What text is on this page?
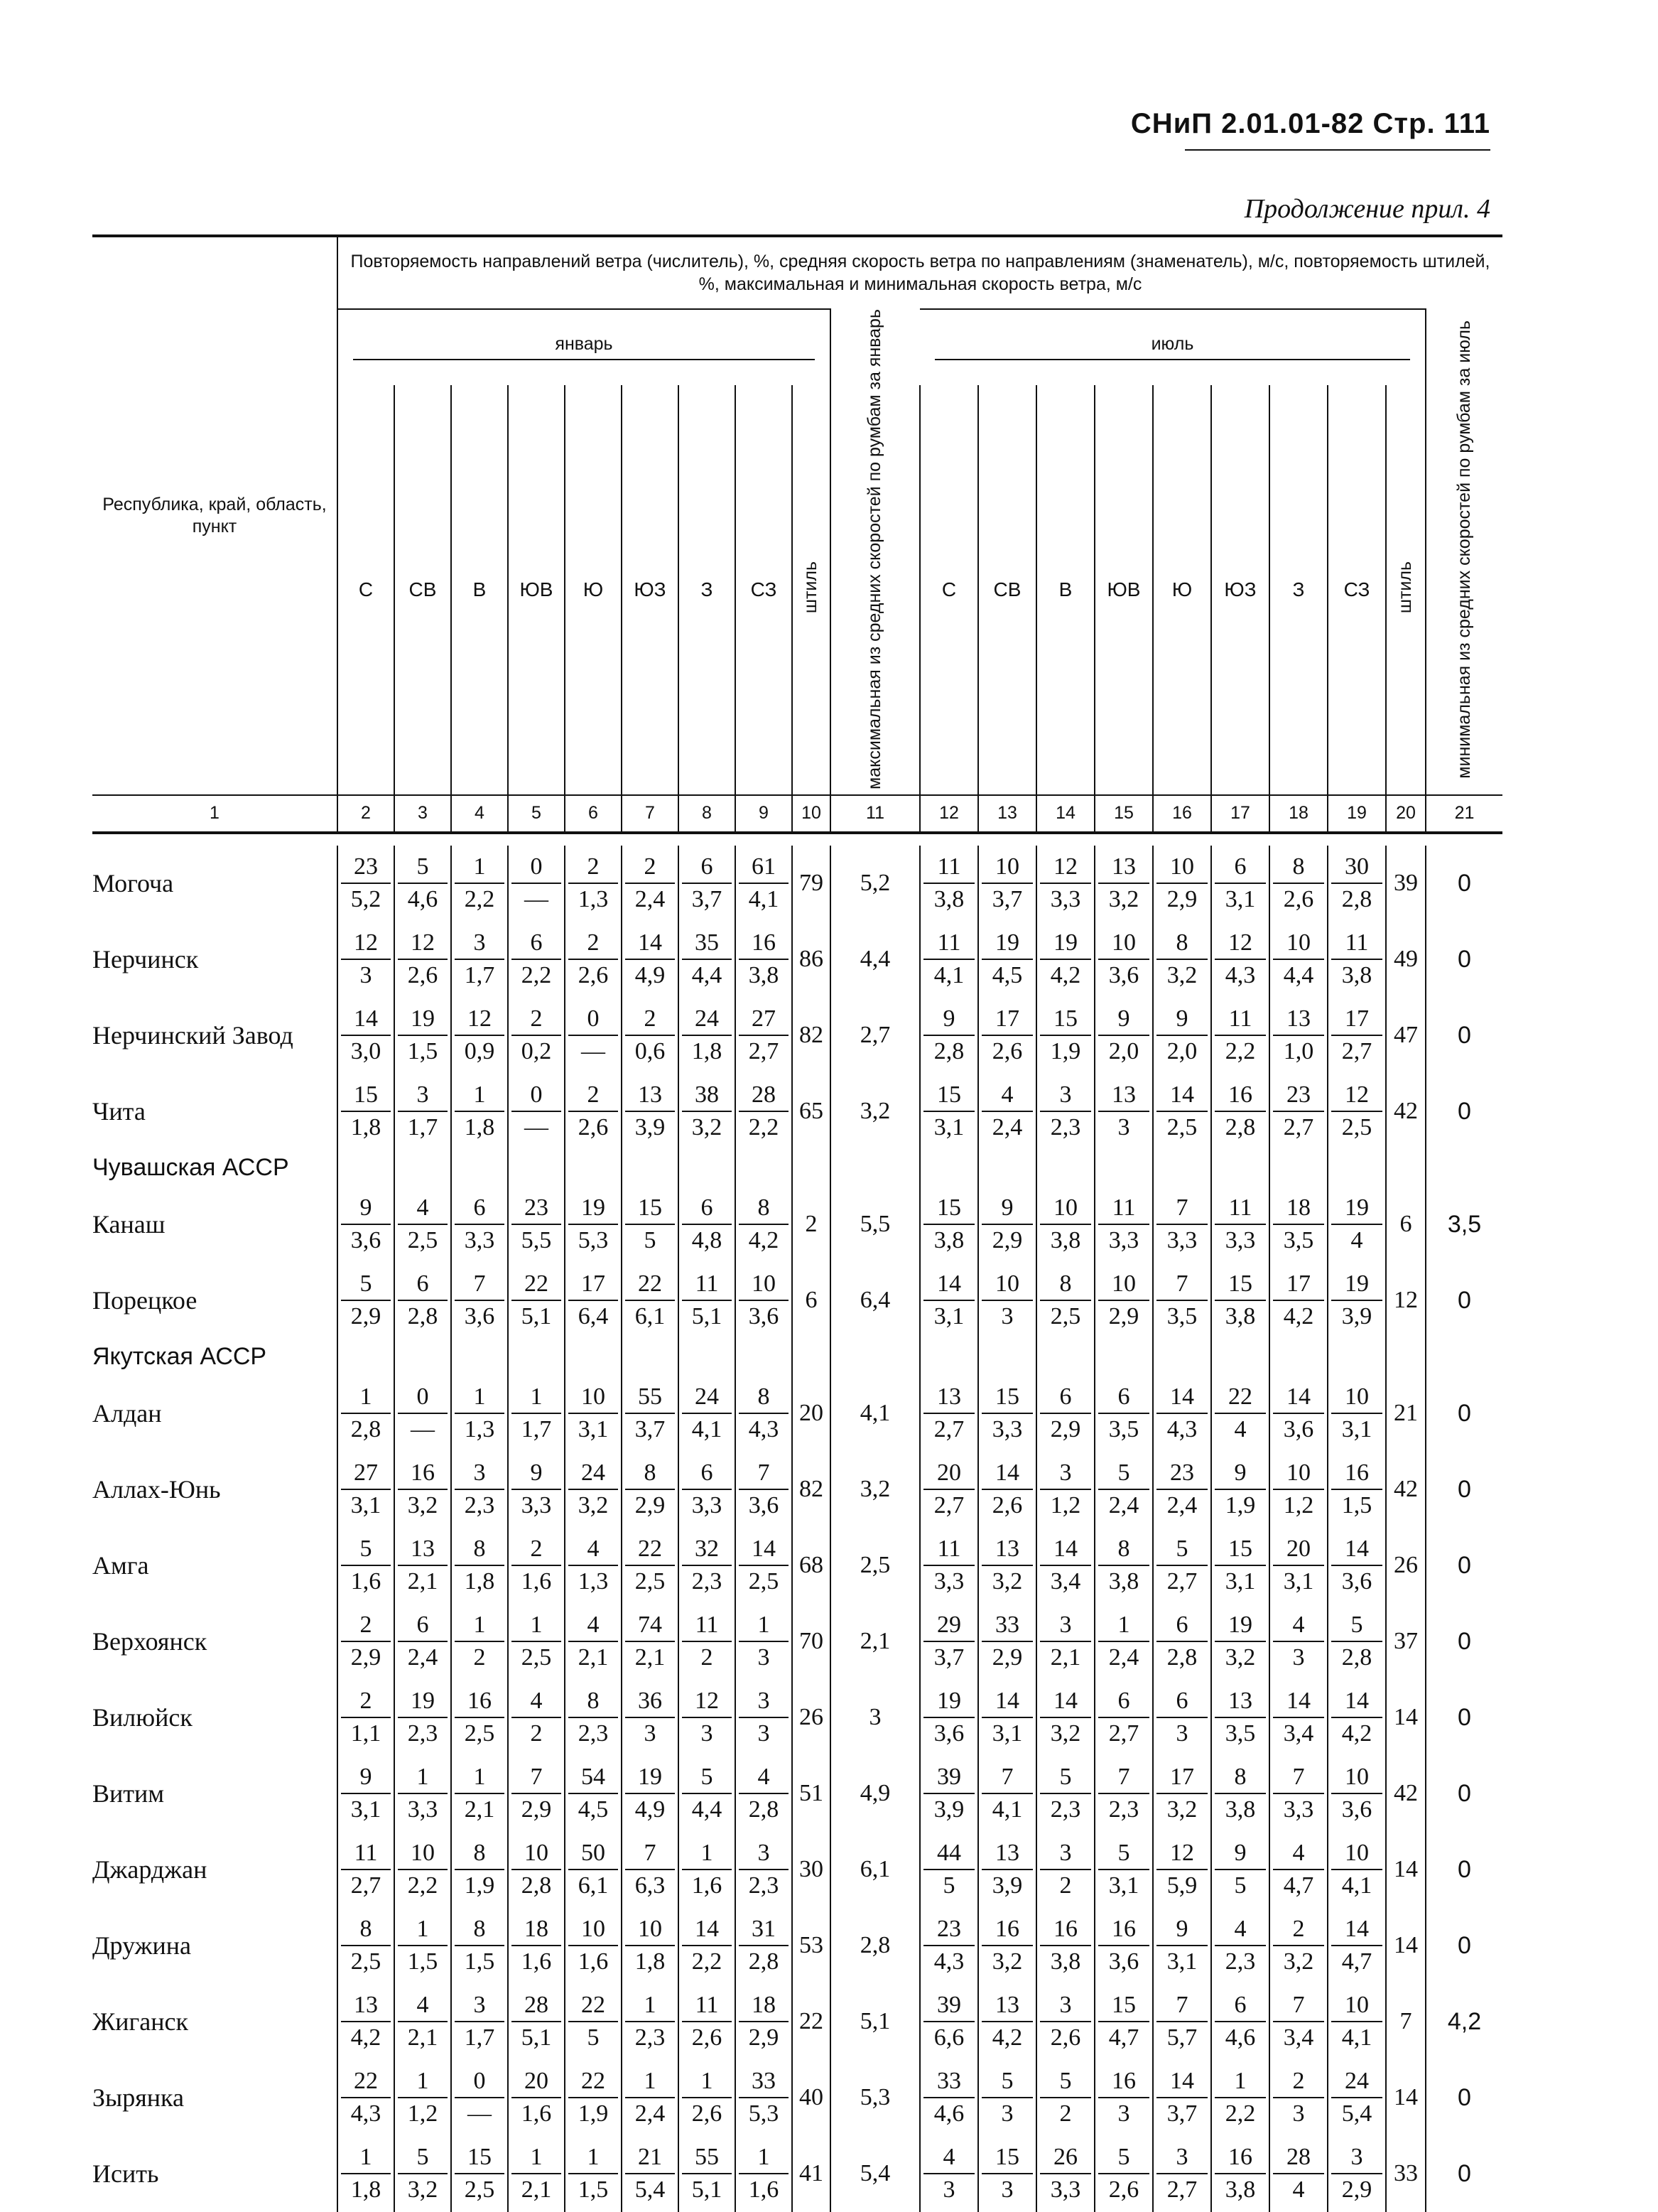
СНиП 2.01.01-82 Стр. 111
Продолжение прил. 4
Республика, край, область, пункт	Повторяемость направлений ветра (числитель), %, средняя скорость ветра по направлениям (знаменатель), м/с, повторяемость штилей, %, максимальная и минимальная скорость ветра, м/с																			
	январь									максимальная из средних скоростей по румбам за январь	июль									минимальная из средних скоростей по румбам за июль
	С	СВ	В	ЮВ	Ю	ЮЗ	З	СЗ	штиль		С	СВ	В	ЮВ	Ю	ЮЗ	З	СЗ	штиль	
1	2	3	4	5	6	7	8	9	10	11	12	13	14	15	16	17	18	19	20	21

Могоча	$\frac{23}{5,2}$	$\frac{5}{4,6}$	$\frac{1}{2,2}$	$\frac{0}{—}$	$\frac{2}{1,3}$	$\frac{2}{2,4}$	$\frac{6}{3,7}$	$\frac{61}{4,1}$	79	5,2	$\frac{11}{3,8}$	$\frac{10}{3,7}$	$\frac{12}{3,3}$	$\frac{13}{3,2}$	$\frac{10}{2,9}$	$\frac{6}{3,1}$	$\frac{8}{2,6}$	$\frac{30}{2,8}$	39	0
Нерчинск	$\frac{12}{3}$	$\frac{12}{2,6}$	$\frac{3}{1,7}$	$\frac{6}{2,2}$	$\frac{2}{2,6}$	$\frac{14}{4,9}$	$\frac{35}{4,4}$	$\frac{16}{3,8}$	86	4,4	$\frac{11}{4,1}$	$\frac{19}{4,5}$	$\frac{19}{4,2}$	$\frac{10}{3,6}$	$\frac{8}{3,2}$	$\frac{12}{4,3}$	$\frac{10}{4,4}$	$\frac{11}{3,8}$	49	0
Нерчинский Завод	$\frac{14}{3,0}$	$\frac{19}{1,5}$	$\frac{12}{0,9}$	$\frac{2}{0,2}$	$\frac{0}{—}$	$\frac{2}{0,6}$	$\frac{24}{1,8}$	$\frac{27}{2,7}$	82	2,7	$\frac{9}{2,8}$	$\frac{17}{2,6}$	$\frac{15}{1,9}$	$\frac{9}{2,0}$	$\frac{9}{2,0}$	$\frac{11}{2,2}$	$\frac{13}{1,0}$	$\frac{17}{2,7}$	47	0
Чита	$\frac{15}{1,8}$	$\frac{3}{1,7}$	$\frac{1}{1,8}$	$\frac{0}{—}$	$\frac{2}{2,6}$	$\frac{13}{3,9}$	$\frac{38}{3,2}$	$\frac{28}{2,2}$	65	3,2	$\frac{15}{3,1}$	$\frac{4}{2,4}$	$\frac{3}{2,3}$	$\frac{13}{3}$	$\frac{14}{2,5}$	$\frac{16}{2,8}$	$\frac{23}{2,7}$	$\frac{12}{2,5}$	42	0
Чувашская АССР																				
Канаш	$\frac{9}{3,6}$	$\frac{4}{2,5}$	$\frac{6}{3,3}$	$\frac{23}{5,5}$	$\frac{19}{5,3}$	$\frac{15}{5}$	$\frac{6}{4,8}$	$\frac{8}{4,2}$	2	5,5	$\frac{15}{3,8}$	$\frac{9}{2,9}$	$\frac{10}{3,8}$	$\frac{11}{3,3}$	$\frac{7}{3,3}$	$\frac{11}{3,3}$	$\frac{18}{3,5}$	$\frac{19}{4}$	6	3,5
Порецкое	$\frac{5}{2,9}$	$\frac{6}{2,8}$	$\frac{7}{3,6}$	$\frac{22}{5,1}$	$\frac{17}{6,4}$	$\frac{22}{6,1}$	$\frac{11}{5,1}$	$\frac{10}{3,6}$	6	6,4	$\frac{14}{3,1}$	$\frac{10}{3}$	$\frac{8}{2,5}$	$\frac{10}{2,9}$	$\frac{7}{3,5}$	$\frac{15}{3,8}$	$\frac{17}{4,2}$	$\frac{19}{3,9}$	12	0
Якутская АССР																				
Алдан	$\frac{1}{2,8}$	$\frac{0}{—}$	$\frac{1}{1,3}$	$\frac{1}{1,7}$	$\frac{10}{3,1}$	$\frac{55}{3,7}$	$\frac{24}{4,1}$	$\frac{8}{4,3}$	20	4,1	$\frac{13}{2,7}$	$\frac{15}{3,3}$	$\frac{6}{2,9}$	$\frac{6}{3,5}$	$\frac{14}{4,3}$	$\frac{22}{4}$	$\frac{14}{3,6}$	$\frac{10}{3,1}$	21	0
Аллах-Юнь	$\frac{27}{3,1}$	$\frac{16}{3,2}$	$\frac{3}{2,3}$	$\frac{9}{3,3}$	$\frac{24}{3,2}$	$\frac{8}{2,9}$	$\frac{6}{3,3}$	$\frac{7}{3,6}$	82	3,2	$\frac{20}{2,7}$	$\frac{14}{2,6}$	$\frac{3}{1,2}$	$\frac{5}{2,4}$	$\frac{23}{2,4}$	$\frac{9}{1,9}$	$\frac{10}{1,2}$	$\frac{16}{1,5}$	42	0
Амга	$\frac{5}{1,6}$	$\frac{13}{2,1}$	$\frac{8}{1,8}$	$\frac{2}{1,6}$	$\frac{4}{1,3}$	$\frac{22}{2,5}$	$\frac{32}{2,3}$	$\frac{14}{2,5}$	68	2,5	$\frac{11}{3,3}$	$\frac{13}{3,2}$	$\frac{14}{3,4}$	$\frac{8}{3,8}$	$\frac{5}{2,7}$	$\frac{15}{3,1}$	$\frac{20}{3,1}$	$\frac{14}{3,6}$	26	0
Верхоянск	$\frac{2}{2,9}$	$\frac{6}{2,4}$	$\frac{1}{2}$	$\frac{1}{2,5}$	$\frac{4}{2,1}$	$\frac{74}{2,1}$	$\frac{11}{2}$	$\frac{1}{3}$	70	2,1	$\frac{29}{3,7}$	$\frac{33}{2,9}$	$\frac{3}{2,1}$	$\frac{1}{2,4}$	$\frac{6}{2,8}$	$\frac{19}{3,2}$	$\frac{4}{3}$	$\frac{5}{2,8}$	37	0
Вилюйск	$\frac{2}{1,1}$	$\frac{19}{2,3}$	$\frac{16}{2,5}$	$\frac{4}{2}$	$\frac{8}{2,3}$	$\frac{36}{3}$	$\frac{12}{3}$	$\frac{3}{3}$	26	3	$\frac{19}{3,6}$	$\frac{14}{3,1}$	$\frac{14}{3,2}$	$\frac{6}{2,7}$	$\frac{6}{3}$	$\frac{13}{3,5}$	$\frac{14}{3,4}$	$\frac{14}{4,2}$	14	0
Витим	$\frac{9}{3,1}$	$\frac{1}{3,3}$	$\frac{1}{2,1}$	$\frac{7}{2,9}$	$\frac{54}{4,5}$	$\frac{19}{4,9}$	$\frac{5}{4,4}$	$\frac{4}{2,8}$	51	4,9	$\frac{39}{3,9}$	$\frac{7}{4,1}$	$\frac{5}{2,3}$	$\frac{7}{2,3}$	$\frac{17}{3,2}$	$\frac{8}{3,8}$	$\frac{7}{3,3}$	$\frac{10}{3,6}$	42	0
Джарджан	$\frac{11}{2,7}$	$\frac{10}{2,2}$	$\frac{8}{1,9}$	$\frac{10}{2,8}$	$\frac{50}{6,1}$	$\frac{7}{6,3}$	$\frac{1}{1,6}$	$\frac{3}{2,3}$	30	6,1	$\frac{44}{5}$	$\frac{13}{3,9}$	$\frac{3}{2}$	$\frac{5}{3,1}$	$\frac{12}{5,9}$	$\frac{9}{5}$	$\frac{4}{4,7}$	$\frac{10}{4,1}$	14	0
Дружина	$\frac{8}{2,5}$	$\frac{1}{1,5}$	$\frac{8}{1,5}$	$\frac{18}{1,6}$	$\frac{10}{1,6}$	$\frac{10}{1,8}$	$\frac{14}{2,2}$	$\frac{31}{2,8}$	53	2,8	$\frac{23}{4,3}$	$\frac{16}{3,2}$	$\frac{16}{3,8}$	$\frac{16}{3,6}$	$\frac{9}{3,1}$	$\frac{4}{2,3}$	$\frac{2}{3,2}$	$\frac{14}{4,7}$	14	0
Жиганск	$\frac{13}{4,2}$	$\frac{4}{2,1}$	$\frac{3}{1,7}$	$\frac{28}{5,1}$	$\frac{22}{5}$	$\frac{1}{2,3}$	$\frac{11}{2,6}$	$\frac{18}{2,9}$	22	5,1	$\frac{39}{6,6}$	$\frac{13}{4,2}$	$\frac{3}{2,6}$	$\frac{15}{4,7}$	$\frac{7}{5,7}$	$\frac{6}{4,6}$	$\frac{7}{3,4}$	$\frac{10}{4,1}$	7	4,2
Зырянка	$\frac{22}{4,3}$	$\frac{1}{1,2}$	$\frac{0}{—}$	$\frac{20}{1,6}$	$\frac{22}{1,9}$	$\frac{1}{2,4}$	$\frac{1}{2,6}$	$\frac{33}{5,3}$	40	5,3	$\frac{33}{4,6}$	$\frac{5}{3}$	$\frac{5}{2}$	$\frac{16}{3}$	$\frac{14}{3,7}$	$\frac{1}{2,2}$	$\frac{2}{3}$	$\frac{24}{5,4}$	14	0
Исить	$\frac{1}{1,8}$	$\frac{5}{3,2}$	$\frac{15}{2,5}$	$\frac{1}{2,1}$	$\frac{1}{1,5}$	$\frac{21}{5,4}$	$\frac{55}{5,1}$	$\frac{1}{1,6}$	41	5,4	$\frac{4}{3}$	$\frac{15}{3}$	$\frac{26}{3,3}$	$\frac{5}{2,6}$	$\frac{3}{2,7}$	$\frac{16}{3,8}$	$\frac{28}{4}$	$\frac{3}{2,9}$	33	0
